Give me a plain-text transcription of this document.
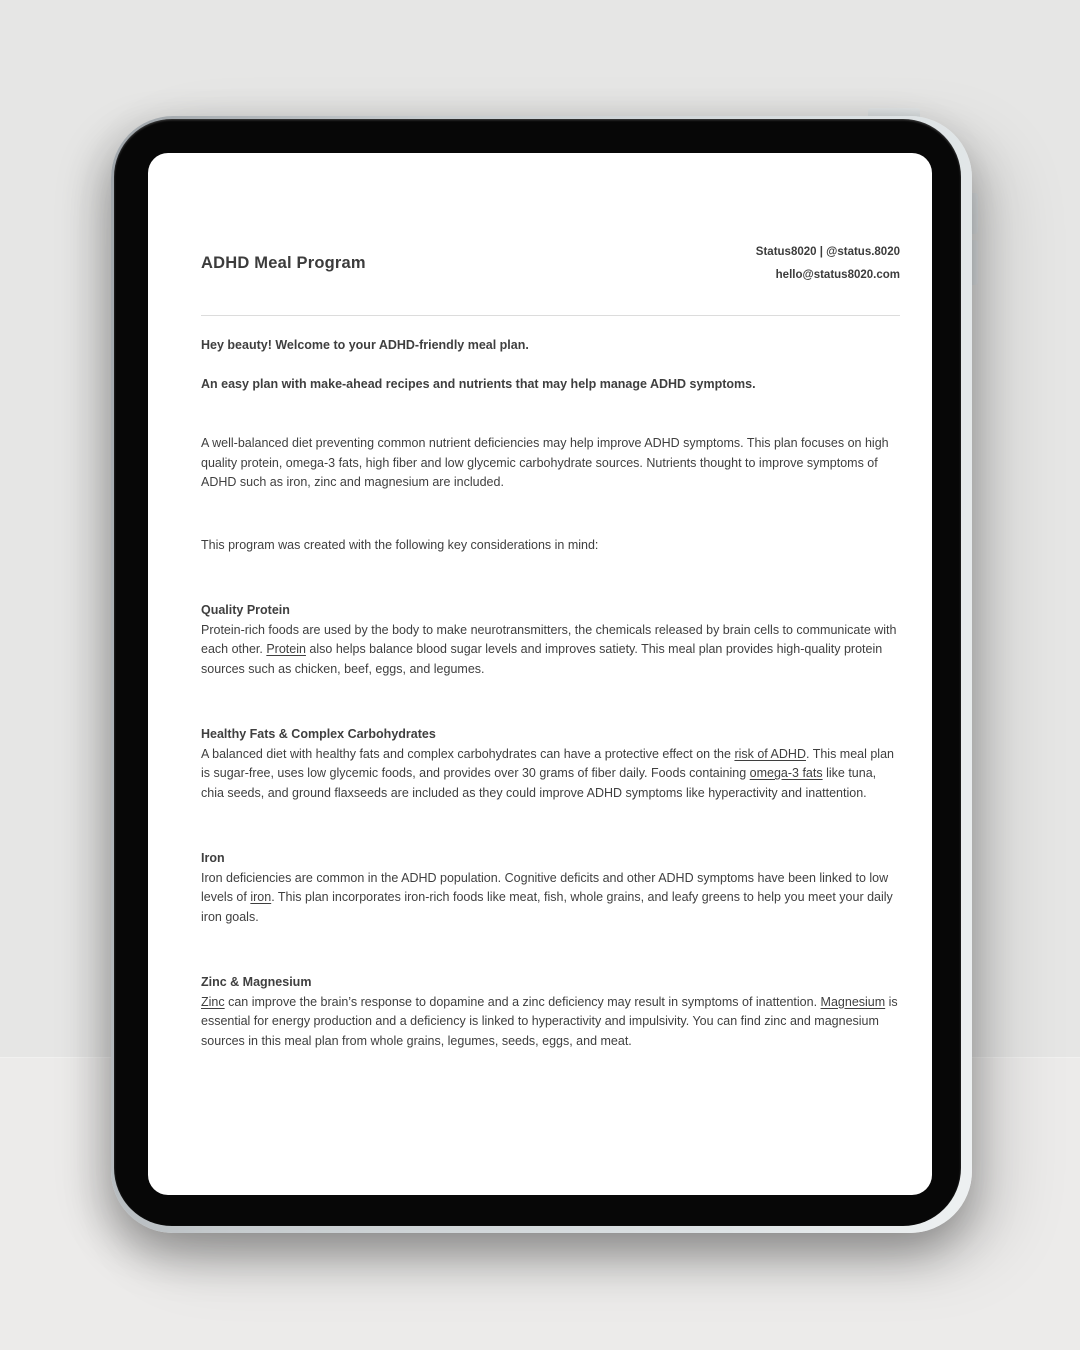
ADHD Meal Program
Status8020 | @status.8020
hello@status8020.com

Hey beauty! Welcome to your ADHD-friendly meal plan.

An easy plan with make-ahead recipes and nutrients that may help manage ADHD symptoms.

A well-balanced diet preventing common nutrient deficiencies may help improve ADHD symptoms. This plan focuses on high quality protein, omega-3 fats, high fiber and low glycemic carbohydrate sources. Nutrients thought to improve symptoms of ADHD such as iron, zinc and magnesium are included.

This program was created with the following key considerations in mind:

Quality Protein

Protein-rich foods are used by the body to make neurotransmitters, the chemicals released by brain cells to communicate with each other. Protein also helps balance blood sugar levels and improves satiety. This meal plan provides high-quality protein sources such as chicken, beef, eggs, and legumes.

Healthy Fats & Complex Carbohydrates

A balanced diet with healthy fats and complex carbohydrates can have a protective effect on the risk of ADHD. This meal plan is sugar-free, uses low glycemic foods, and provides over 30 grams of fiber daily. Foods containing omega-3 fats like tuna, chia seeds, and ground flaxseeds are included as they could improve ADHD symptoms like hyperactivity and inattention.

Iron

Iron deficiencies are common in the ADHD population. Cognitive deficits and other ADHD symptoms have been linked to low levels of iron. This plan incorporates iron-rich foods like meat, fish, whole grains, and leafy greens to help you meet your daily iron goals.

Zinc & Magnesium

Zinc can improve the brain’s response to dopamine and a zinc deficiency may result in symptoms of inattention. Magnesium is essential for energy production and a deficiency is linked to hyperactivity and impulsivity. You can find zinc and magnesium sources in this meal plan from whole grains, legumes, seeds, eggs, and meat.
